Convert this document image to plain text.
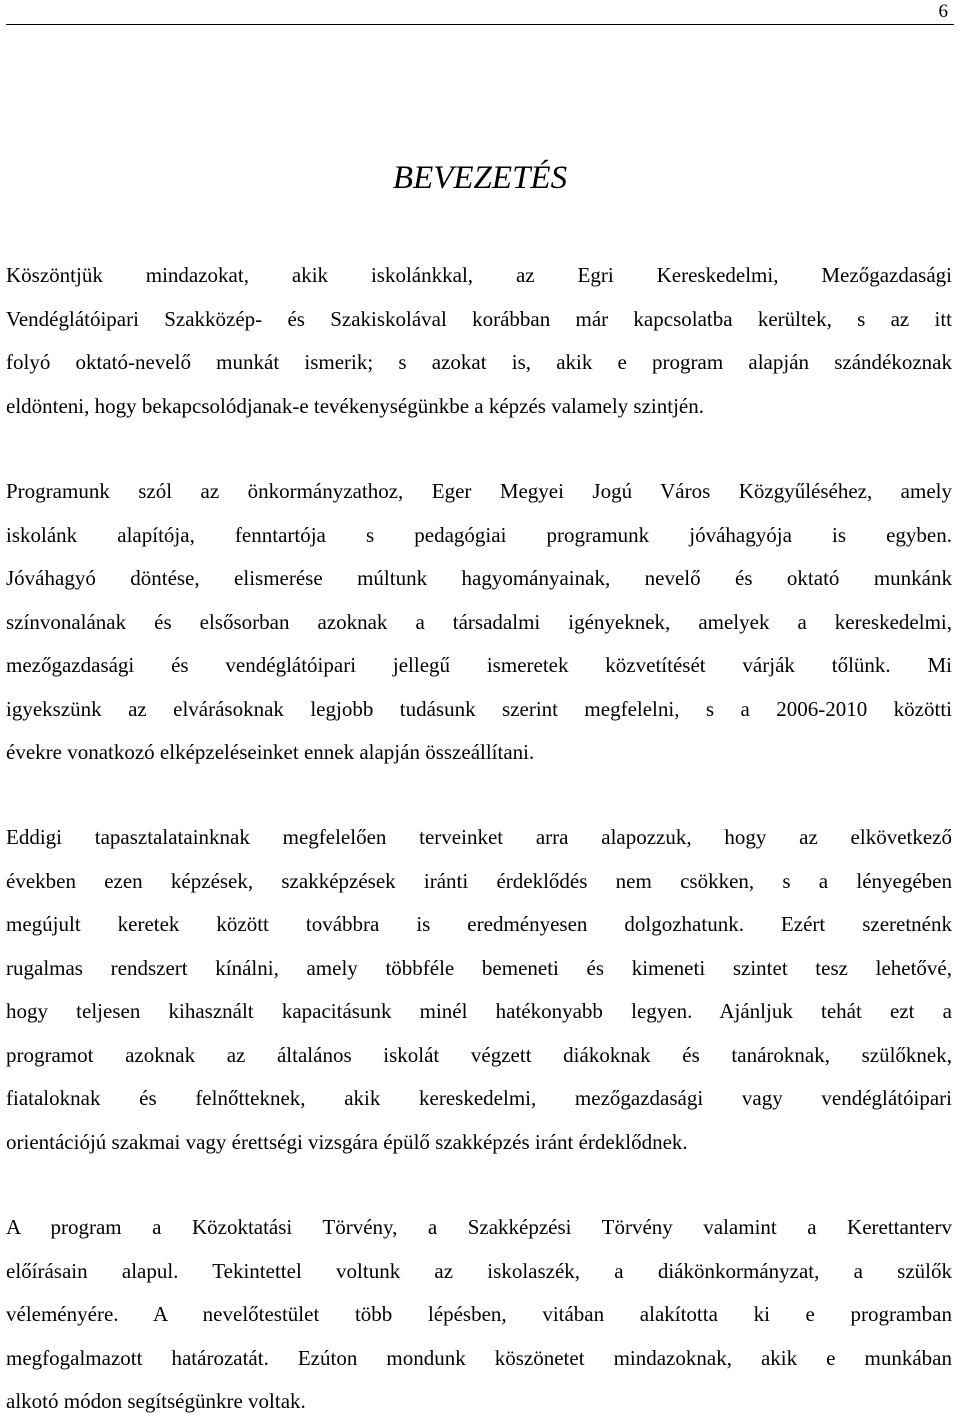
6
BEVEZETÉS
Köszöntjük mindazokat, akik iskolánkkal, az Egri Kereskedelmi, Mezőgazdasági
Vendéglátóipari Szakközép- és Szakiskolával korábban már kapcsolatba kerültek, s az itt
folyó oktató-nevelő munkát ismerik; s azokat is, akik e program alapján szándékoznak
eldönteni, hogy bekapcsolódjanak-e tevékenységünkbe a képzés valamely szintjén.
Programunk szól az önkormányzathoz, Eger Megyei Jogú Város Közgyűléséhez, amely
iskolánk alapítója, fenntartója s pedagógiai programunk jóváhagyója is egyben.
Jóváhagyó döntése, elismerése múltunk hagyományainak, nevelő és oktató munkánk
színvonalának és elsősorban azoknak a társadalmi igényeknek, amelyek a kereskedelmi,
mezőgazdasági és vendéglátóipari jellegű ismeretek közvetítését várják tőlünk. Mi
igyekszünk az elvárásoknak legjobb tudásunk szerint megfelelni, s a 2006-2010 közötti
évekre vonatkozó elképzeléseinket ennek alapján összeállítani.
Eddigi tapasztalatainknak megfelelően terveinket arra alapozzuk, hogy az elkövetkező
években ezen képzések, szakképzések iránti érdeklődés nem csökken, s a lényegében
megújult keretek között továbbra is eredményesen dolgozhatunk. Ezért szeretnénk
rugalmas rendszert kínálni, amely többféle bemeneti és kimeneti szintet tesz lehetővé,
hogy teljesen kihasznált kapacitásunk minél hatékonyabb legyen. Ajánljuk tehát ezt a
programot azoknak az általános iskolát végzett diákoknak és tanároknak, szülőknek,
fiataloknak és felnőtteknek, akik kereskedelmi, mezőgazdasági vagy vendéglátóipari
orientációjú szakmai vagy érettségi vizsgára épülő szakképzés iránt érdeklődnek.
A program a Közoktatási Törvény, a Szakképzési Törvény valamint a Kerettanterv
előírásain alapul. Tekintettel voltunk az iskolaszék, a diákönkormányzat, a szülők
véleményére. A nevelőtestület több lépésben, vitában alakította ki e programban
megfogalmazott határozatát. Ezúton mondunk köszönetet mindazoknak, akik e munkában
alkotó módon segítségünkre voltak.
